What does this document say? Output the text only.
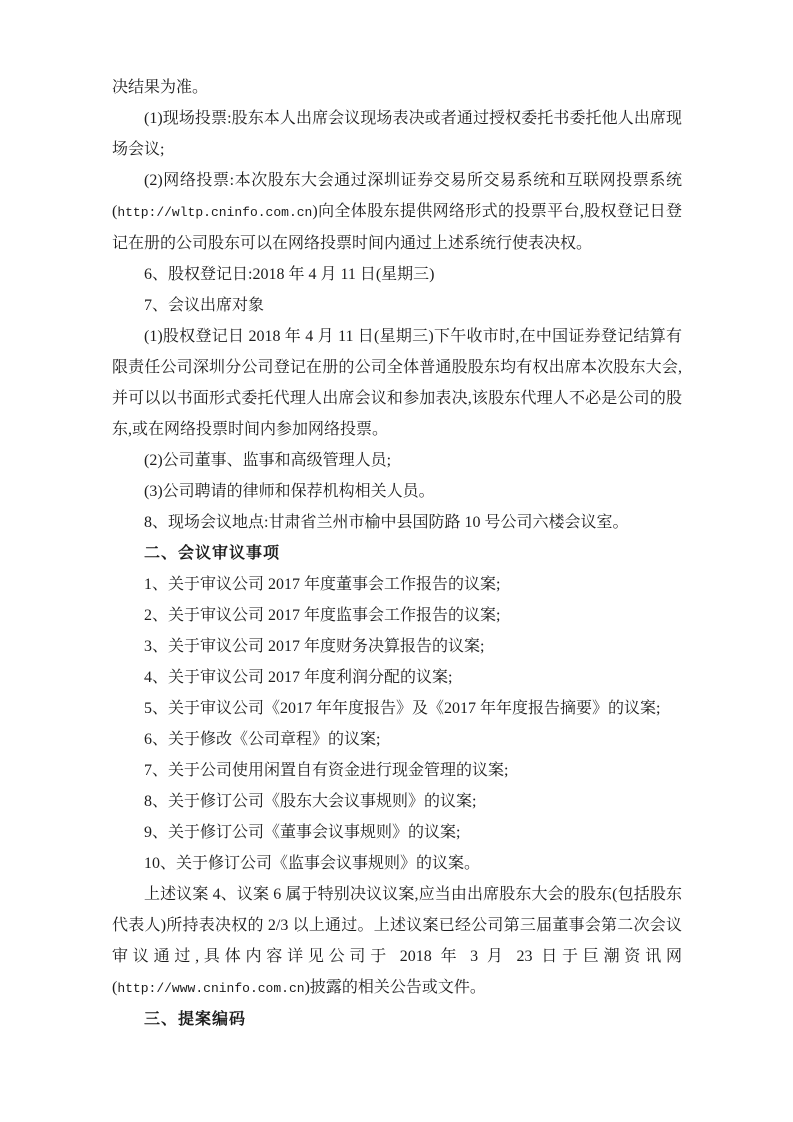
决结果为准。

(1)现场投票:股东本人出席会议现场表决或者通过授权委托书委托他人出席现场会议;

(2)网络投票:本次股东大会通过深圳证券交易所交易系统和互联网投票系统 (http://wltp.cninfo.com.cn)向全体股东提供网络形式的投票平台,股权登记日登记在册的公司股东可以在网络投票时间内通过上述系统行使表决权。

6、股权登记日:2018 年 4 月 11 日(星期三)

7、会议出席对象

(1)股权登记日 2018 年 4 月 11 日(星期三)下午收市时,在中国证券登记结算有限责任公司深圳分公司登记在册的公司全体普通股股东均有权出席本次股东大会,并可以以书面形式委托代理人出席会议和参加表决,该股东代理人不必是公司的股东,或在网络投票时间内参加网络投票。

(2)公司董事、监事和高级管理人员;

(3)公司聘请的律师和保荐机构相关人员。

8、现场会议地点:甘肃省兰州市榆中县国防路 10 号公司六楼会议室。

二、会议审议事项

1、关于审议公司 2017 年度董事会工作报告的议案;

2、关于审议公司 2017 年度监事会工作报告的议案;

3、关于审议公司 2017 年度财务决算报告的议案;

4、关于审议公司 2017 年度利润分配的议案;

5、关于审议公司《2017 年年度报告》及《2017 年年度报告摘要》的议案;

6、关于修改《公司章程》的议案;

7、关于公司使用闲置自有资金进行现金管理的议案;

8、关于修订公司《股东大会议事规则》的议案;

9、关于修订公司《董事会议事规则》的议案;

10、关于修订公司《监事会议事规则》的议案。

上述议案 4、议案 6 属于特别决议议案,应当由出席股东大会的股东(包括股东代表人)所持表决权的 2/3 以上通过。上述议案已经公司第三届董事会第二次会议审议通过,具体内容详见公司于 2018 年 3 月 23 日于巨潮资讯网(http://www.cninfo.com.cn)披露的相关公告或文件。

三、提案编码
